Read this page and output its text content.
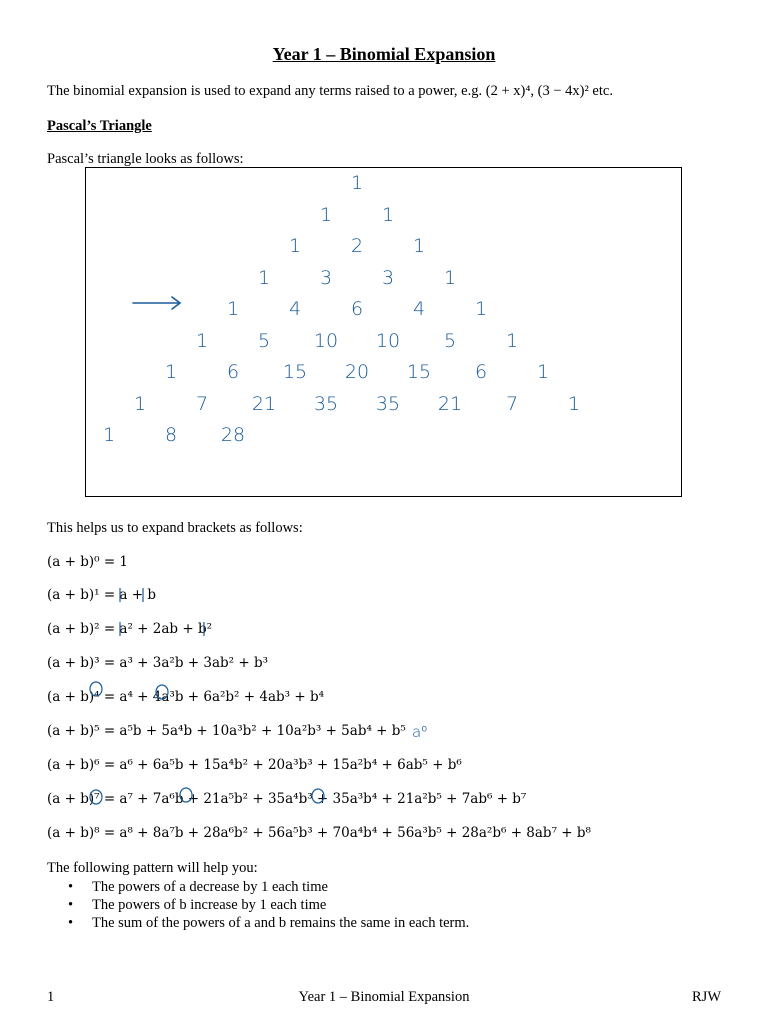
Year 1 – Binomial Expansion
The binomial expansion is used to expand any terms raised to a power, e.g. (2 + x)⁴, (3 − 4x)² etc.
Pascal’s Triangle
Pascal’s triangle looks as follows:
1
1	1
1	2	1
1	3	3	1
1	4	6	4	1
1	5 10 10 5	1
1	6 15 20 15 6	1
1	7 21 35 35 21 7	1
1	8 28
This helps us to expand brackets as follows:
(a + b)⁰ = 1
(a + b)¹ = a + b
(a + b)² = a² + 2ab + b²
(a + b)³ = a³ + 3a²b + 3ab² + b³
(a + b)⁴ = a⁴ + 4a³b + 6a²b² + 4ab³ + b⁴
(a + b)⁵ = a⁵b + 5a⁴b + 10a³b² + 10a²b³ + 5ab⁴ + b⁵
(a + b)⁶ = a⁶ + 6a⁵b + 15a⁴b² + 20a³b³ + 15a²b⁴ + 6ab⁵ + b⁶
(a + b)⁷ = a⁷ + 7a⁶b + 21a⁵b² + 35a⁴b³ + 35a³b⁴ + 21a²b⁵ + 7ab⁶ + b⁷
(a + b)⁸ = a⁸ + 8a⁷b + 28a⁶b² + 56a⁵b³ + 70a⁴b⁴ + 56a³b⁵ + 28a²b⁶ + 8ab⁷ + b⁸
a⁰
The following pattern will help you:
• The powers of a decrease by 1 each time
• The powers of b increase by 1 each time
• The sum of the powers of a and b remains the same in each term.
1	Year 1 – Binomial Expansion	RJW
